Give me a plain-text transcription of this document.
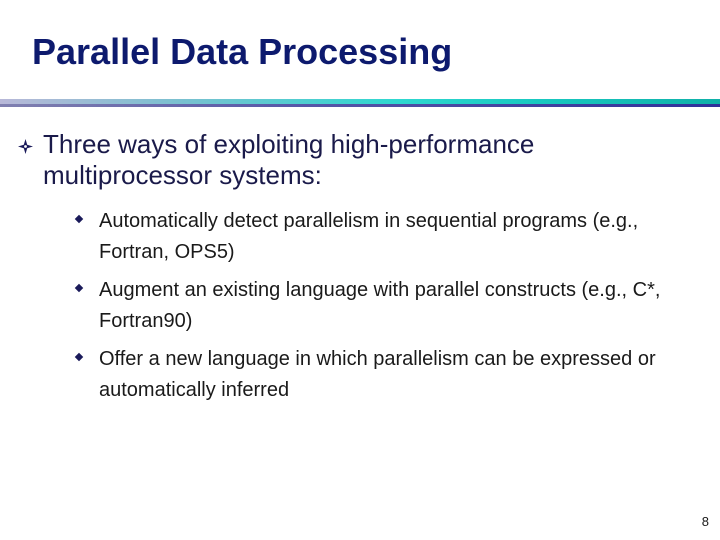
Parallel Data Processing
Three ways of exploiting high-performance multiprocessor systems:
Automatically detect parallelism in sequential programs (e.g., Fortran, OPS5)
Augment an existing language with parallel constructs (e.g., C*, Fortran90)
Offer a new language in which parallelism can be expressed or automatically inferred
8
